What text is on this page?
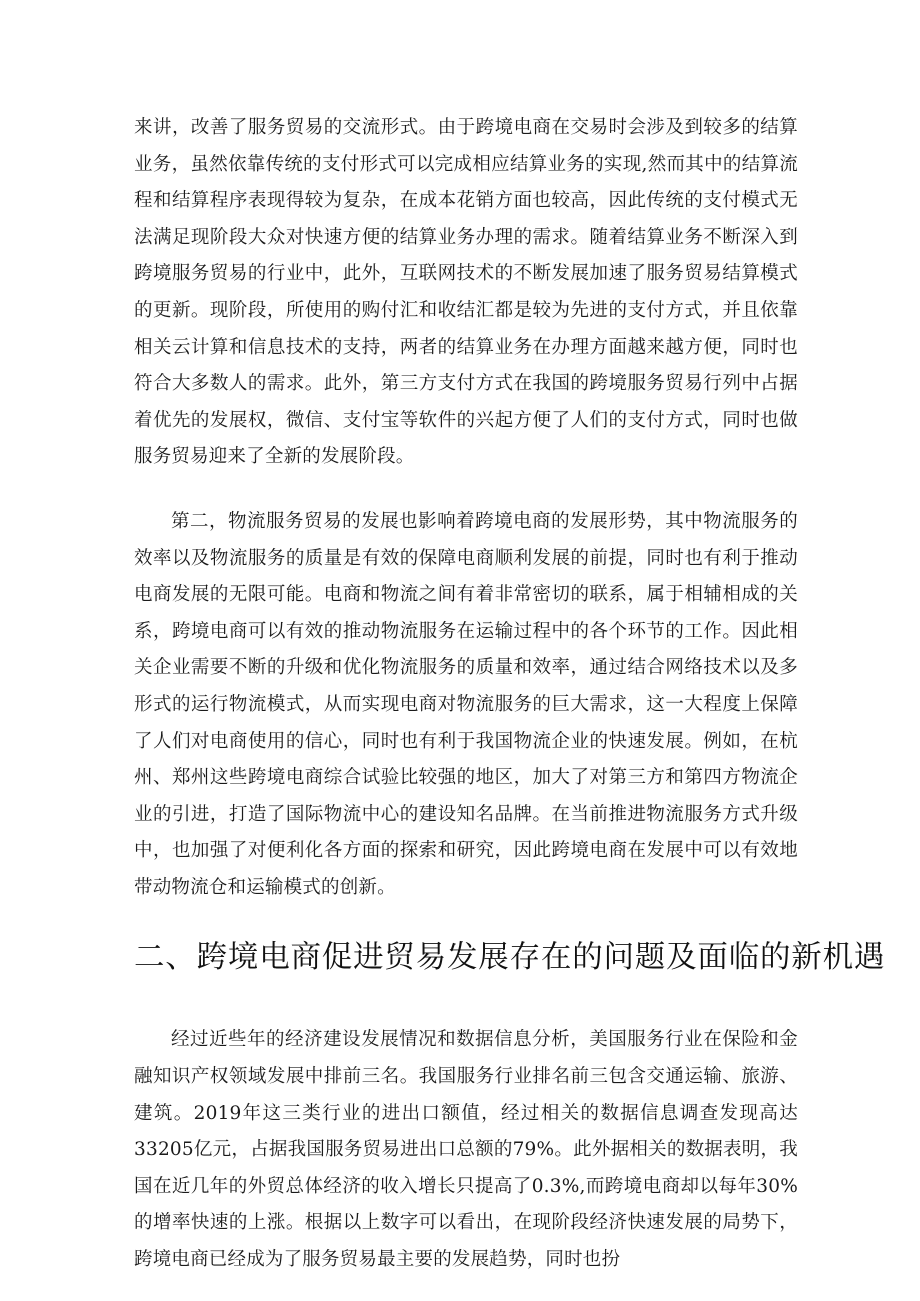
来讲，改善了服务贸易的交流形式。由于跨境电商在交易时会涉及到较多的结算业务，虽然依靠传统的支付形式可以完成相应结算业务的实现,然而其中的结算流程和结算程序表现得较为复杂，在成本花销方面也较高，因此传统的支付模式无法满足现阶段大众对快速方便的结算业务办理的需求。随着结算业务不断深入到跨境服务贸易的行业中，此外，互联网技术的不断发展加速了服务贸易结算模式的更新。现阶段，所使用的购付汇和收结汇都是较为先进的支付方式，并且依靠相关云计算和信息技术的支持，两者的结算业务在办理方面越来越方便，同时也符合大多数人的需求。此外，第三方支付方式在我国的跨境服务贸易行列中占据着优先的发展权，微信、支付宝等软件的兴起方便了人们的支付方式，同时也做服务贸易迎来了全新的发展阶段。

第二，物流服务贸易的发展也影响着跨境电商的发展形势，其中物流服务的效率以及物流服务的质量是有效的保障电商顺利发展的前提，同时也有利于推动电商发展的无限可能。电商和物流之间有着非常密切的联系，属于相辅相成的关系，跨境电商可以有效的推动物流服务在运输过程中的各个环节的工作。因此相关企业需要不断的升级和优化物流服务的质量和效率，通过结合网络技术以及多形式的运行物流模式，从而实现电商对物流服务的巨大需求，这一大程度上保障了人们对电商使用的信心，同时也有利于我国物流企业的快速发展。例如，在杭州、郑州这些跨境电商综合试验比较强的地区，加大了对第三方和第四方物流企业的引进，打造了国际物流中心的建设知名品牌。在当前推进物流服务方式升级中，也加强了对便利化各方面的探索和研究，因此跨境电商在发展中可以有效地带动物流仓和运输模式的创新。

二、跨境电商促进贸易发展存在的问题及面临的新机遇

经过近些年的经济建设发展情况和数据信息分析，美国服务行业在保险和金融知识产权领域发展中排前三名。我国服务行业排名前三包含交通运输、旅游、建筑。2019年这三类行业的进出口额值，经过相关的数据信息调查发现高达33205亿元，占据我国服务贸易进出口总额的79%。此外据相关的数据表明，我国在近几年的外贸总体经济的收入增长只提高了0.3%,而跨境电商却以每年30%的增率快速的上涨。根据以上数字可以看出，在现阶段经济快速发展的局势下，跨境电商已经成为了服务贸易最主要的发展趋势，同时也扮
